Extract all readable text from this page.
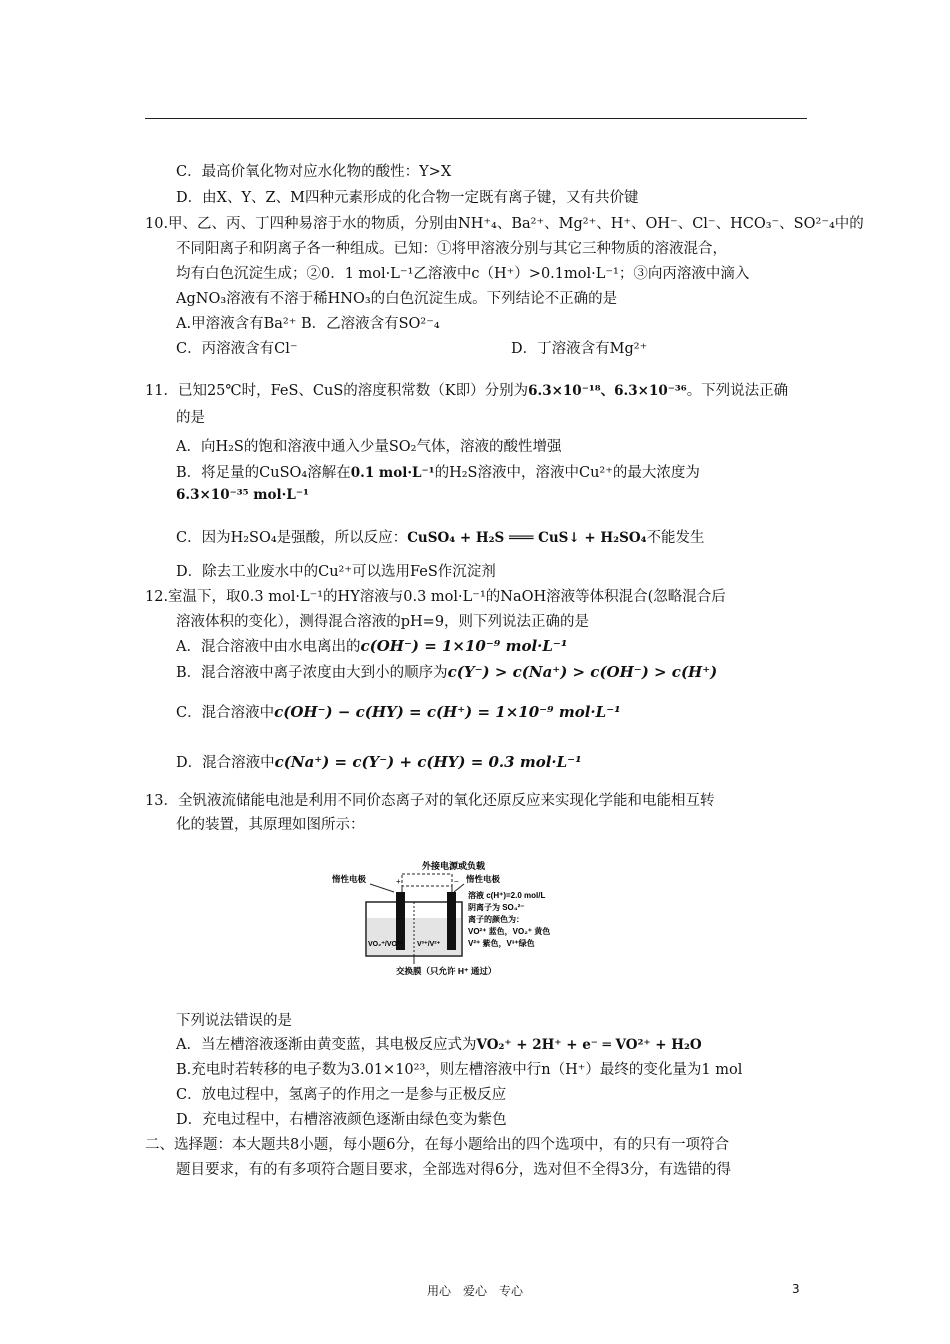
C．最高价氧化物对应水化物的酸性：Y>X
D．由X、Y、Z、M四种元素形成的化合物一定既有离子键，又有共价键
10.甲、乙、丙、丁四种易溶于水的物质，分别由NH⁺₄、Ba²⁺、Mg²⁺、H⁺、OH⁻、Cl⁻、HCO₃⁻、SO²⁻₄中的
不同阳离子和阴离子各一种组成。已知：①将甲溶液分别与其它三种物质的溶液混合，
均有白色沉淀生成；②0．1 mol·L⁻¹乙溶液中c（H⁺）>0.1mol·L⁻¹；③向丙溶液中滴入
AgNO₃溶液有不溶于稀HNO₃的白色沉淀生成。下列结论不正确的是
A.甲溶液含有Ba²⁺ B．乙溶液含有SO²⁻₄
C．丙溶液含有Cl⁻	D．丁溶液含有Mg²⁺
11．已知25℃时，FeS、CuS的溶度积常数（K即）分别为6.3×10⁻¹⁸、6.3×10⁻³⁶。下列说法正确
的是
A．向H₂S的饱和溶液中通入少量SO₂气体，溶液的酸性增强
B．将足量的CuSO₄溶解在0.1 mol·L⁻¹的H₂S溶液中，溶液中Cu²⁺的最大浓度为
6.3×10⁻³⁵ mol·L⁻¹
C．因为H₂SO₄是强酸，所以反应：CuSO₄ + H₂S ═══ CuS↓ + H₂SO₄不能发生
D．除去工业废水中的Cu²⁺可以选用FeS作沉淀剂
12.室温下，取0.3 mol·L⁻¹的HY溶液与0.3 mol·L⁻¹的NaOH溶液等体积混合(忽略混合后
溶液体积的变化），测得混合溶液的pH=9，则下列说法正确的是
A．混合溶液中由水电离出的c(OH⁻) = 1×10⁻⁹ mol·L⁻¹
B．混合溶液中离子浓度由大到小的顺序为c(Y⁻) > c(Na⁺) > c(OH⁻) > c(H⁺)
C．混合溶液中c(OH⁻) − c(HY) = c(H⁺) = 1×10⁻⁹ mol·L⁻¹
D．混合溶液中c(Na⁺) = c(Y⁻) + c(HY) = 0.3 mol·L⁻¹
13．全钒液流储能电池是利用不同价态离子对的氧化还原反应来实现化学能和电能相互转
化的装置，其原理如图所示：
外接电源或负载
+	−
惰性电极	惰性电极
VO₂⁺/VO²⁺ V³⁺/V²⁺
溶液 c(H⁺)=2.0 mol/L
阴离子为 SO₄²⁻
离子的颜色为：
VO²⁺ 蓝色，VO₂⁺ 黄色
V²⁺ 紫色，V³⁺绿色
交换膜（只允许 H⁺ 通过）
下列说法错误的是
A．当左槽溶液逐渐由黄变蓝，其电极反应式为VO₂⁺ + 2H⁺ + e⁻ ═ VO²⁺ + H₂O
B.充电时若转移的电子数为3.01×10²³，则左槽溶液中行n（H⁺）最终的变化量为1 mol
C．放电过程中，氢离子的作用之一是参与正极反应
D．充电过程中，右槽溶液颜色逐渐由绿色变为紫色
二、选择题：本大题共8小题，每小题6分，在每小题给出的四个选项中，有的只有一项符合
题目要求，有的有多项符合题目要求，全部选对得6分，选对但不全得3分，有选错的得
用心　爱心　专心	3
